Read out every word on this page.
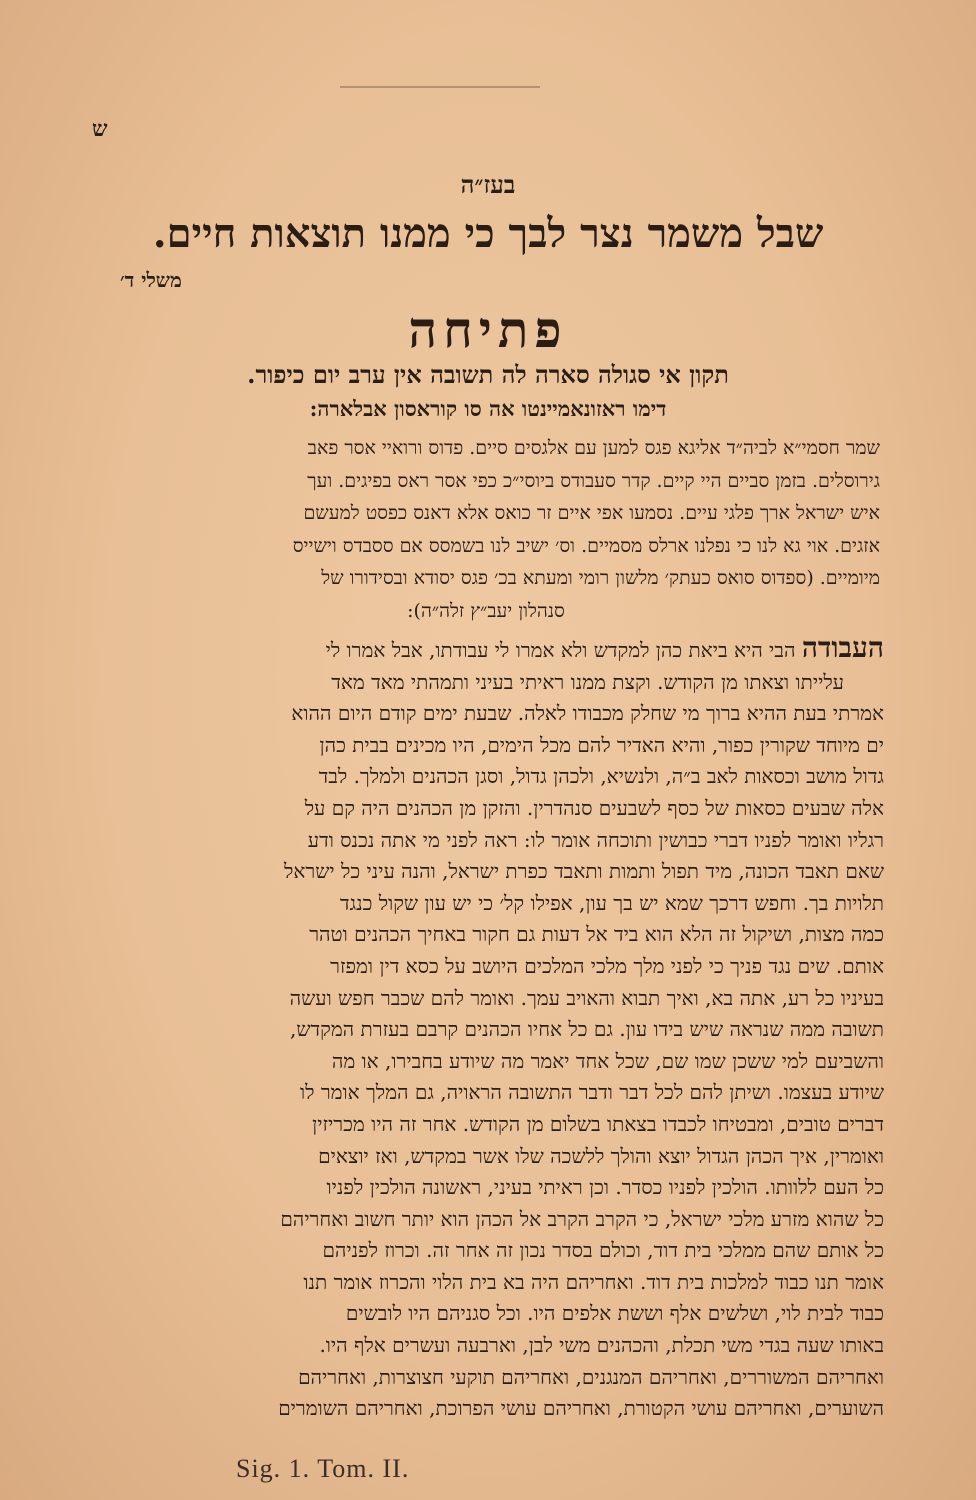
ש
בעז״ה
שבל משמר נצר לבך כי ממנו תוצאות חיים.
משלי ד׳
פתיחה
תקון אי סגולה סארה לה תשובה אין ערב יום כיפור.
דימו ראזונאמיינטו אה סו קוראסון אבלארה:
שמר חסמי״א לביה״ד אליגא פגס למען עם אלגסים סיים. פדוס ורואיי אסר פאב
גירוסלים. בזמן סביים היי קיים. קדר סעבודס ביוסי״כ כפי אסר ראס בפיגים. ועך
איש ישראל ארך פלגי עיים. נסמעו אפי איים זר כואס אלא דאנס כפסט למעשם
אזגים. אוי גא לנו כי נפלנו ארלס מסמיים. וס׳ ישיב לנו בשמסס אם ססבדס וישייס
מיומיים. (ספדוס סואס כעתק׳ מלשון רומי ומעתא בכ׳ פגס יסודא ובסידורו של
סנהלון יעב״ץ זלה״ה):
העבודה הבי היא ביאת כהן למקדש ולא אמרו לי עבודתו, אבל אמרו לי
עלייתו וצאתו מן הקודש. וקצת ממנו ראיתי בעיני ותמהתי מאד מאד
אמרתי בעת ההיא ברוך מי שחלק מכבודו לאלה. שבעת ימים קודם היום ההוא
ים מיוחד שקורין כפור, והיא האדיר להם מכל הימים, היו מכינים בבית כהן
גדול מושב וכסאות לאב ב״ה, ולנשיא, ולכהן גדול, וסגן הכהנים ולמלך. לבד
אלה שבעים כסאות של כסף לשבעים סנהדרין. והזקן מן הכהנים היה קם על
רגליו ואומר לפניו דברי כבושין ותוכחה אומר לו: ראה לפני מי אתה נכנס ודע
שאם תאבד הכונה, מיד תפול ותמות ותאבד כפרת ישראל, והנה עיני כל ישראל
תלויות בך. וחפש דרכך שמא יש בך עון, אפילו קל׳ כי יש עון שקול כנגד
כמה מצות, ושיקול זה הלא הוא ביד אל דעות גם חקור באחיך הכהנים וטהר
אותם. שים נגד פניך כי לפני מלך מלכי המלכים היושב על כסא דין ומפזר
בעיניו כל רע, אתה בא, ואיך תבוא והאויב עמך. ואומר להם שכבר חפש ועשה
תשובה ממה שנראה שיש בידו עון. גם כל אחיו הכהנים קרבם בעזרת המקדש,
והשביעם למי ששכן שמו שם, שכל אחד יאמר מה שיודע בחבירו, או מה
שיודע בעצמו. ושיתן להם לכל דבר ודבר התשובה הראויה, גם המלך אומר לו
דברים טובים, ומבטיחו לכבדו בצאתו בשלום מן הקודש. אחר זה היו מכריזין
ואומרין, איך הכהן הגדול יוצא והולך ללשכה שלו אשר במקדש, ואז יוצאים
כל העם ללוותו. הולכין לפניו כסדר. וכן ראיתי בעיני, ראשונה הולכין לפניו
כל שהוא מזרע מלכי ישראל, כי הקרב הקרב אל הכהן הוא יותר חשוב ואחריהם
כל אותם שהם ממלכי בית דוד, וכולם בסדר נכון זה אחר זה. וכרוז לפניהם
אומר תנו כבוד למלכות בית דוד. ואחריהם היה בא בית הלוי והכרוז אומר תנו
כבוד לבית לוי, ושלשים אלף וששת אלפים היו. וכל סגניהם היו לובשים
באותו שעה בגדי משי תכלת, והכהנים משי לבן, וארבעה ועשרים אלף היו.
ואחריהם המשוררים, ואחריהם המנגנים, ואחריהם תוקעי חצוצרות, ואחריהם
השוערים, ואחריהם עושי הקטורת, ואחריהם עושי הפרוכת, ואחריהם השומרים
Sig. 1. Tom. II.
